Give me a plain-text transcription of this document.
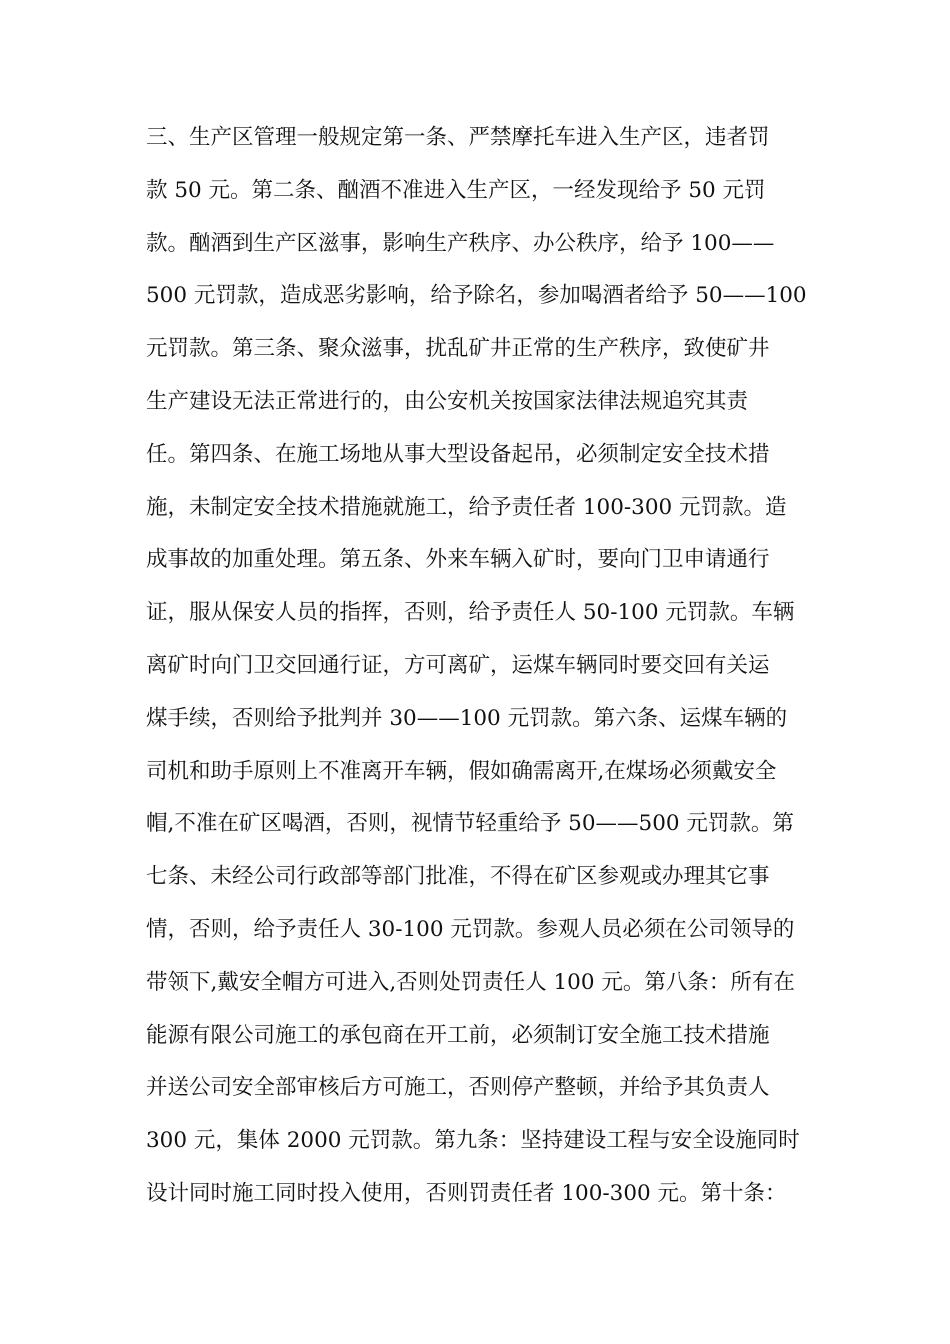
三、生产区管理一般规定第一条、严禁摩托车进入生产区，违者罚
款 50 元。第二条、酗酒不准进入生产区，一经发现给予 50 元罚
款。酗酒到生产区滋事，影响生产秩序、办公秩序，给予 100——
500 元罚款，造成恶劣影响，给予除名，参加喝酒者给予 50——100
元罚款。第三条、聚众滋事，扰乱矿井正常的生产秩序，致使矿井
生产建设无法正常进行的，由公安机关按国家法律法规追究其责
任。第四条、在施工场地从事大型设备起吊，必须制定安全技术措
施，未制定安全技术措施就施工，给予责任者 100-300 元罚款。造
成事故的加重处理。第五条、外来车辆入矿时，要向门卫申请通行
证，服从保安人员的指挥，否则，给予责任人 50-100 元罚款。车辆
离矿时向门卫交回通行证，方可离矿，运煤车辆同时要交回有关运
煤手续，否则给予批判并 30——100 元罚款。第六条、运煤车辆的
司机和助手原则上不准离开车辆，假如确需离开,在煤场必须戴安全
帽,不准在矿区喝酒，否则，视情节轻重给予 50——500 元罚款。第
七条、未经公司行政部等部门批准，不得在矿区参观或办理其它事
情，否则，给予责任人 30-100 元罚款。参观人员必须在公司领导的
带领下,戴安全帽方可进入,否则处罚责任人 100 元。第八条：所有在
能源有限公司施工的承包商在开工前，必须制订安全施工技术措施
并送公司安全部审核后方可施工，否则停产整顿，并给予其负责人
300 元，集体 2000 元罚款。第九条：坚持建设工程与安全设施同时
设计同时施工同时投入使用，否则罚责任者 100-300 元。第十条：
